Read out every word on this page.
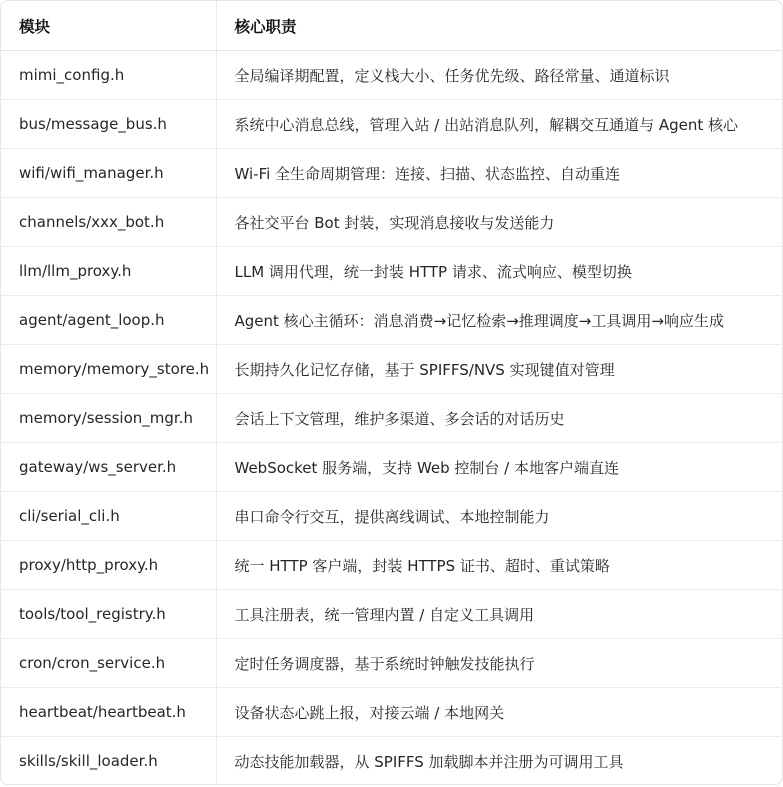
模块	核心职责
mimi_config.h	全局编译期配置，定义栈大小、任务优先级、路径常量、通道标识
bus/message_bus.h	系统中心消息总线，管理入站 / 出站消息队列，解耦交互通道与 Agent 核心
wifi/wifi_manager.h	Wi-Fi 全生命周期管理：连接、扫描、状态监控、自动重连
channels/xxx_bot.h	各社交平台 Bot 封装，实现消息接收与发送能力
llm/llm_proxy.h	LLM 调用代理，统一封装 HTTP 请求、流式响应、模型切换
agent/agent_loop.h	Agent 核心主循环：消息消费→记忆检索→推理调度→工具调用→响应生成
memory/memory_store.h	长期持久化记忆存储，基于 SPIFFS/NVS 实现键值对管理
memory/session_mgr.h	会话上下文管理，维护多渠道、多会话的对话历史
gateway/ws_server.h	WebSocket 服务端，支持 Web 控制台 / 本地客户端直连
cli/serial_cli.h	串口命令行交互，提供离线调试、本地控制能力
proxy/http_proxy.h	统一 HTTP 客户端，封装 HTTPS 证书、超时、重试策略
tools/tool_registry.h	工具注册表，统一管理内置 / 自定义工具调用
cron/cron_service.h	定时任务调度器，基于系统时钟触发技能执行
heartbeat/heartbeat.h	设备状态心跳上报，对接云端 / 本地网关
skills/skill_loader.h	动态技能加载器，从 SPIFFS 加载脚本并注册为可调用工具
